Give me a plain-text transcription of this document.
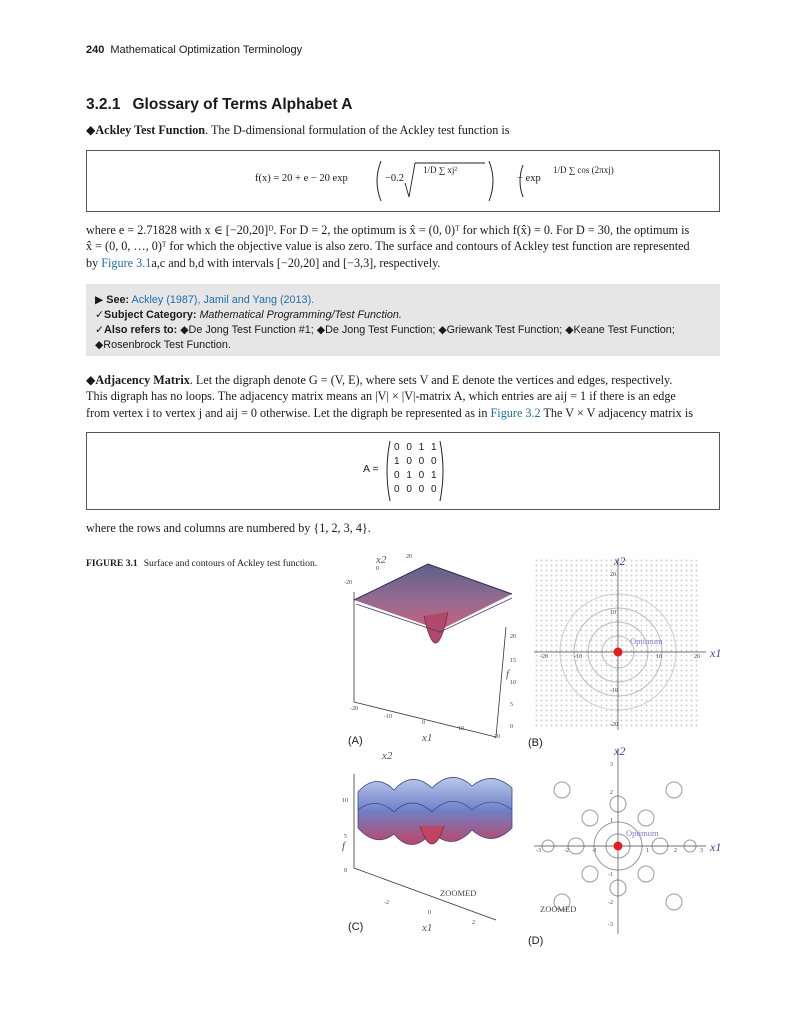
240 Mathematical Optimization Terminology
3.2.1 Glossary of Terms Alphabet A
◆Ackley Test Function. The D-dimensional formulation of the Ackley test function is
f(x) = 20 + e − 20 exp	−0.2
1/D ∑ xj²
− exp
1/D ∑ cos (2πxj)
where e = 2.71828 with x ∈ [−20,20]ᴰ. For D = 2, the optimum is x̂ = (0, 0)ᵀ for which f(x̂) = 0. For D = 30, the optimum is
x̂ = (0, 0, …, 0)ᵀ for which the objective value is also zero. The surface and contours of Ackley test function are represented
by Figure 3.1a,c and b,d with intervals [−20,20] and [−3,3], respectively.
▶ See: Ackley (1987), Jamil and Yang (2013).
✓Subject Category: Mathematical Programming/Test Function.
✓Also refers to: ◆De Jong Test Function #1; ◆De Jong Test Function; ◆Griewank Test Function; ◆Keane Test Function;
◆Rosenbrock Test Function.
◆Adjacency Matrix. Let the digraph denote G = (V, E), where sets V and E denote the vertices and edges, respectively.
This digraph has no loops. The adjacency matrix means an |V| × |V|-matrix A, which entries are aij = 1 if there is an edge
from vertex i to vertex j and aij = 0 otherwise. Let the digraph be represented as in Figure 3.2 The V × V adjacency matrix is
A =
0 0 1 1
1 0 0 0
0 1 0 1
0 0 0 0
where the rows and columns are numbered by {1, 2, 3, 4}.
FIGURE 3.1 Surface and contours of Ackley test function.	x2
f
x1
20
0
-20
20
15
10
5
0
-20
-10
0
10
20
(A)
x2
x1
Optimum
-20	-10	10	20
20
10
-10
-20
(B)
x2
f
x1
ZOOMED
10
5
0
-2
0
2
(C)
x2
x1
Optimum
ZOOMED
-3	-2	-1	1	2	3
3
2
1
-1
-2
-3
(D)
